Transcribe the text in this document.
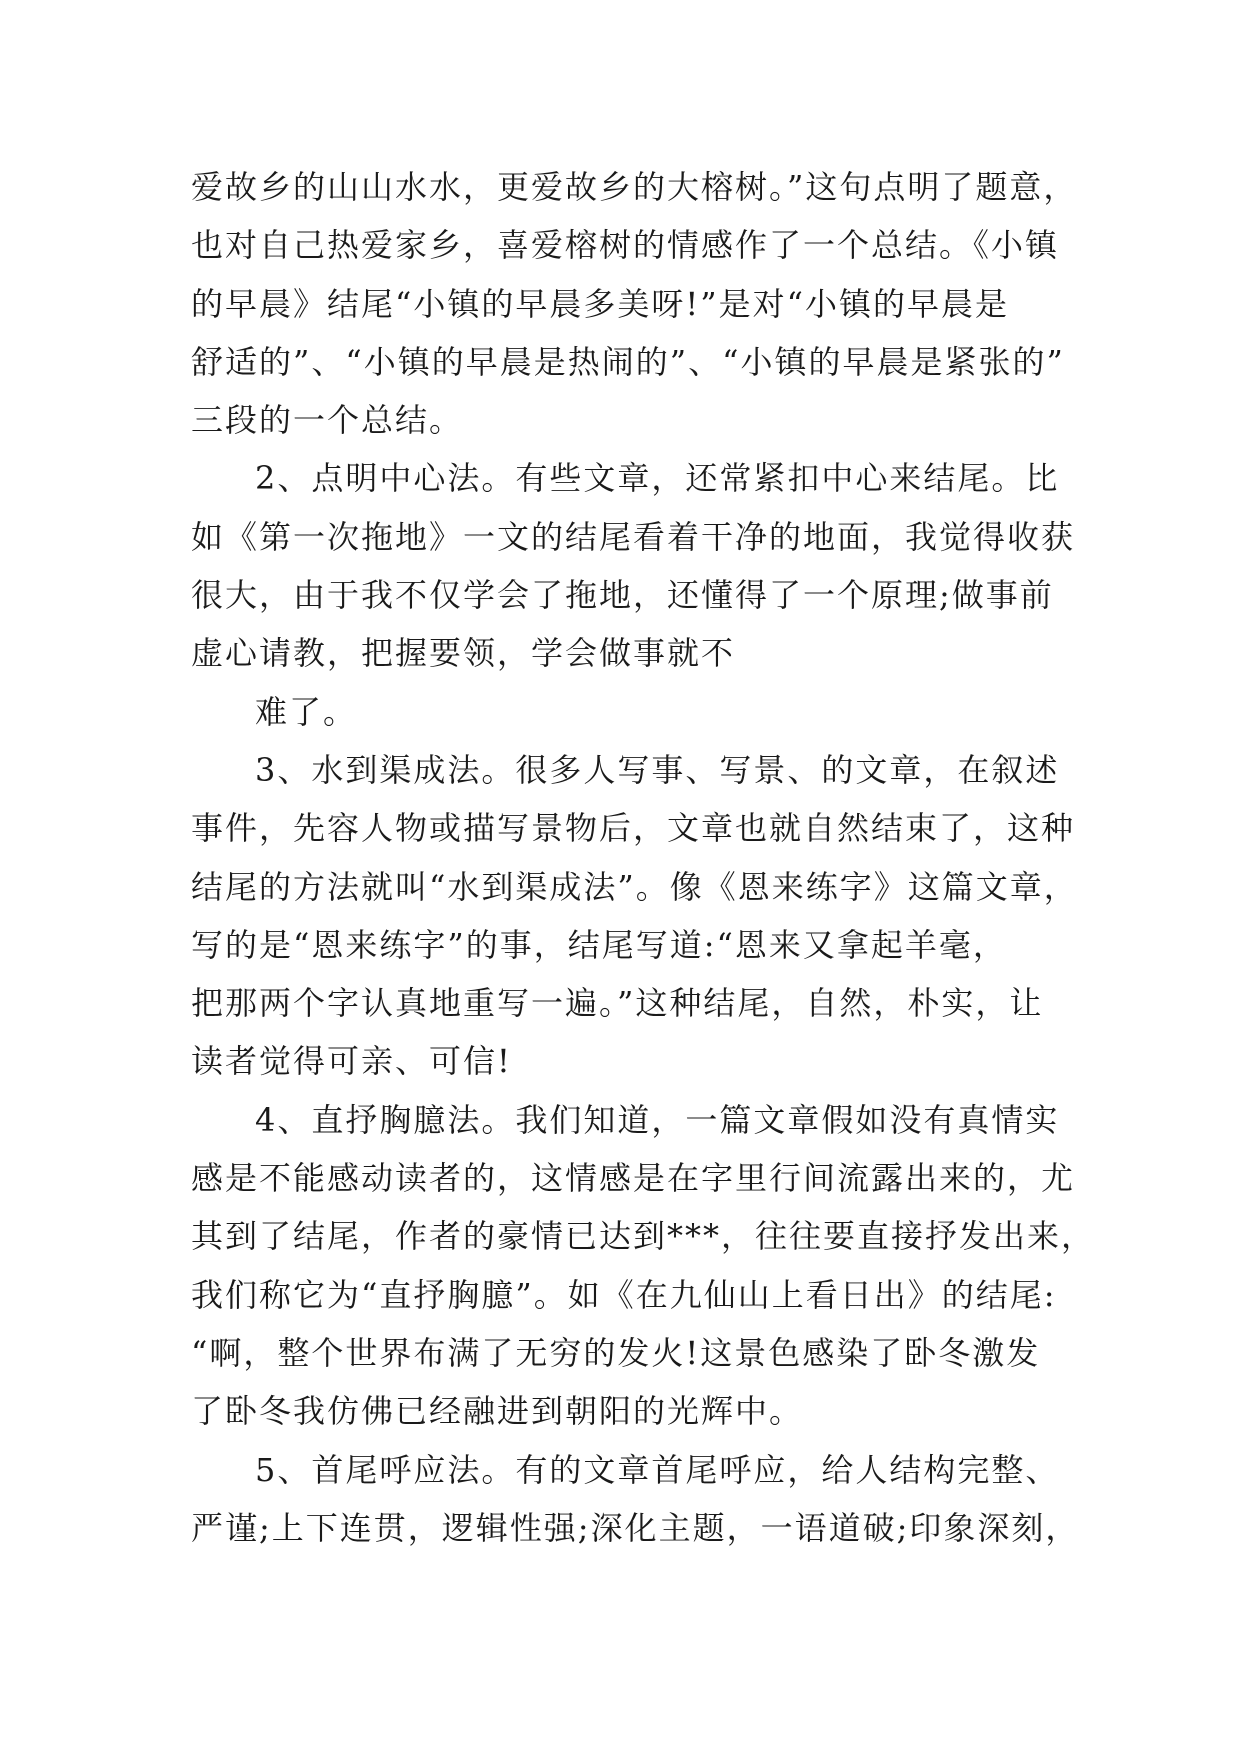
爱故乡的山山水水，更爱故乡的大榕树。”这句点明了题意，
也对自己热爱家乡，喜爱榕树的情感作了一个总结。《小镇
的早晨》结尾“小镇的早晨多美呀!”是对“小镇的早晨是
舒适的”、“小镇的早晨是热闹的”、“小镇的早晨是紧张的”
三段的一个总结。
2、点明中心法。有些文章，还常紧扣中心来结尾。比
如《第一次拖地》一文的结尾看着干净的地面，我觉得收获
很大，由于我不仅学会了拖地，还懂得了一个原理;做事前
虚心请教，把握要领，学会做事就不
难了。
3、水到渠成法。很多人写事、写景、的文章，在叙述
事件，先容人物或描写景物后，文章也就自然结束了，这种
结尾的方法就叫“水到渠成法”。像《恩来练字》这篇文章，
写的是“恩来练字”的事，结尾写道:“恩来又拿起羊毫，
把那两个字认真地重写一遍。”这种结尾，自然，朴实，让
读者觉得可亲、可信!
4、直抒胸臆法。我们知道，一篇文章假如没有真情实
感是不能感动读者的，这情感是在字里行间流露出来的，尤
其到了结尾，作者的豪情已达到***，往往要直接抒发出来，
我们称它为“直抒胸臆”。如《在九仙山上看日出》的结尾:
“啊，整个世界布满了无穷的发火!这景色感染了卧冬激发
了卧冬我仿佛已经融进到朝阳的光辉中。
5、首尾呼应法。有的文章首尾呼应，给人结构完整、
严谨;上下连贯，逻辑性强;深化主题，一语道破;印象深刻，
